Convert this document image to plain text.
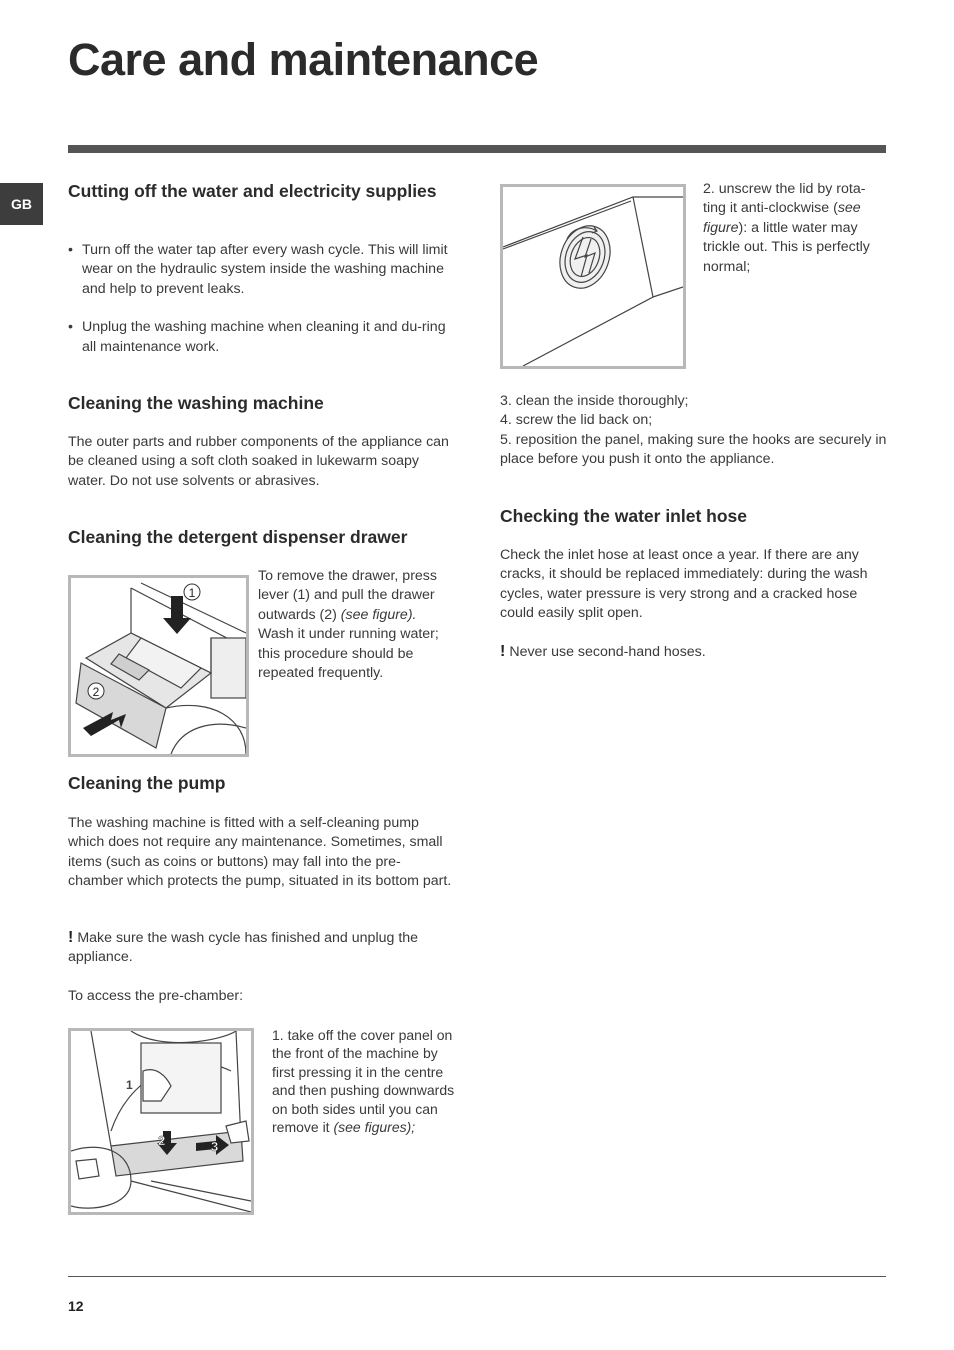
Care and maintenance
GB
Cutting off the water and electricity supplies
• Turn off the water tap after every wash cycle. This will limit wear on the hydraulic system inside the washing machine and help to prevent leaks.
• Unplug the washing machine when cleaning it and du-ring all maintenance work.
Cleaning the washing machine

The outer parts and rubber components of the appliance can be cleaned using a soft cloth soaked in lukewarm soapy water. Do not use solvents or abrasives.

Cleaning the detergent dispenser drawer
1
2

To remove the drawer, press lever (1) and pull the drawer outwards (2) (see figure). Wash it under running water; this procedure should be repeated frequently.

Cleaning the pump

The washing machine is fitted with a self-cleaning pump which does not require any maintenance. Sometimes, small items (such as coins or buttons) may fall into the pre-chamber which protects the pump, situated in its bottom part.

! Make sure the wash cycle has finished and unplug the appliance.

To access the pre-chamber:

1
2	3

1. take off the cover panel on the front of the machine by first pressing it in the centre and then pushing downwards on both sides until you can remove it (see figures);

2. unscrew the lid by rota-ting it anti-clockwise (see figure): a little water may trickle out. This is perfectly normal;

3. clean the inside thoroughly;

4. screw the lid back on;

5. reposition the panel, making sure the hooks are securely in place before you push it onto the appliance.

Checking the water inlet hose

Check the inlet hose at least once a year. If there are any cracks, it should be replaced immediately: during the wash cycles, water pressure is very strong and a cracked hose could easily split open.

! Never use second-hand hoses.

12
